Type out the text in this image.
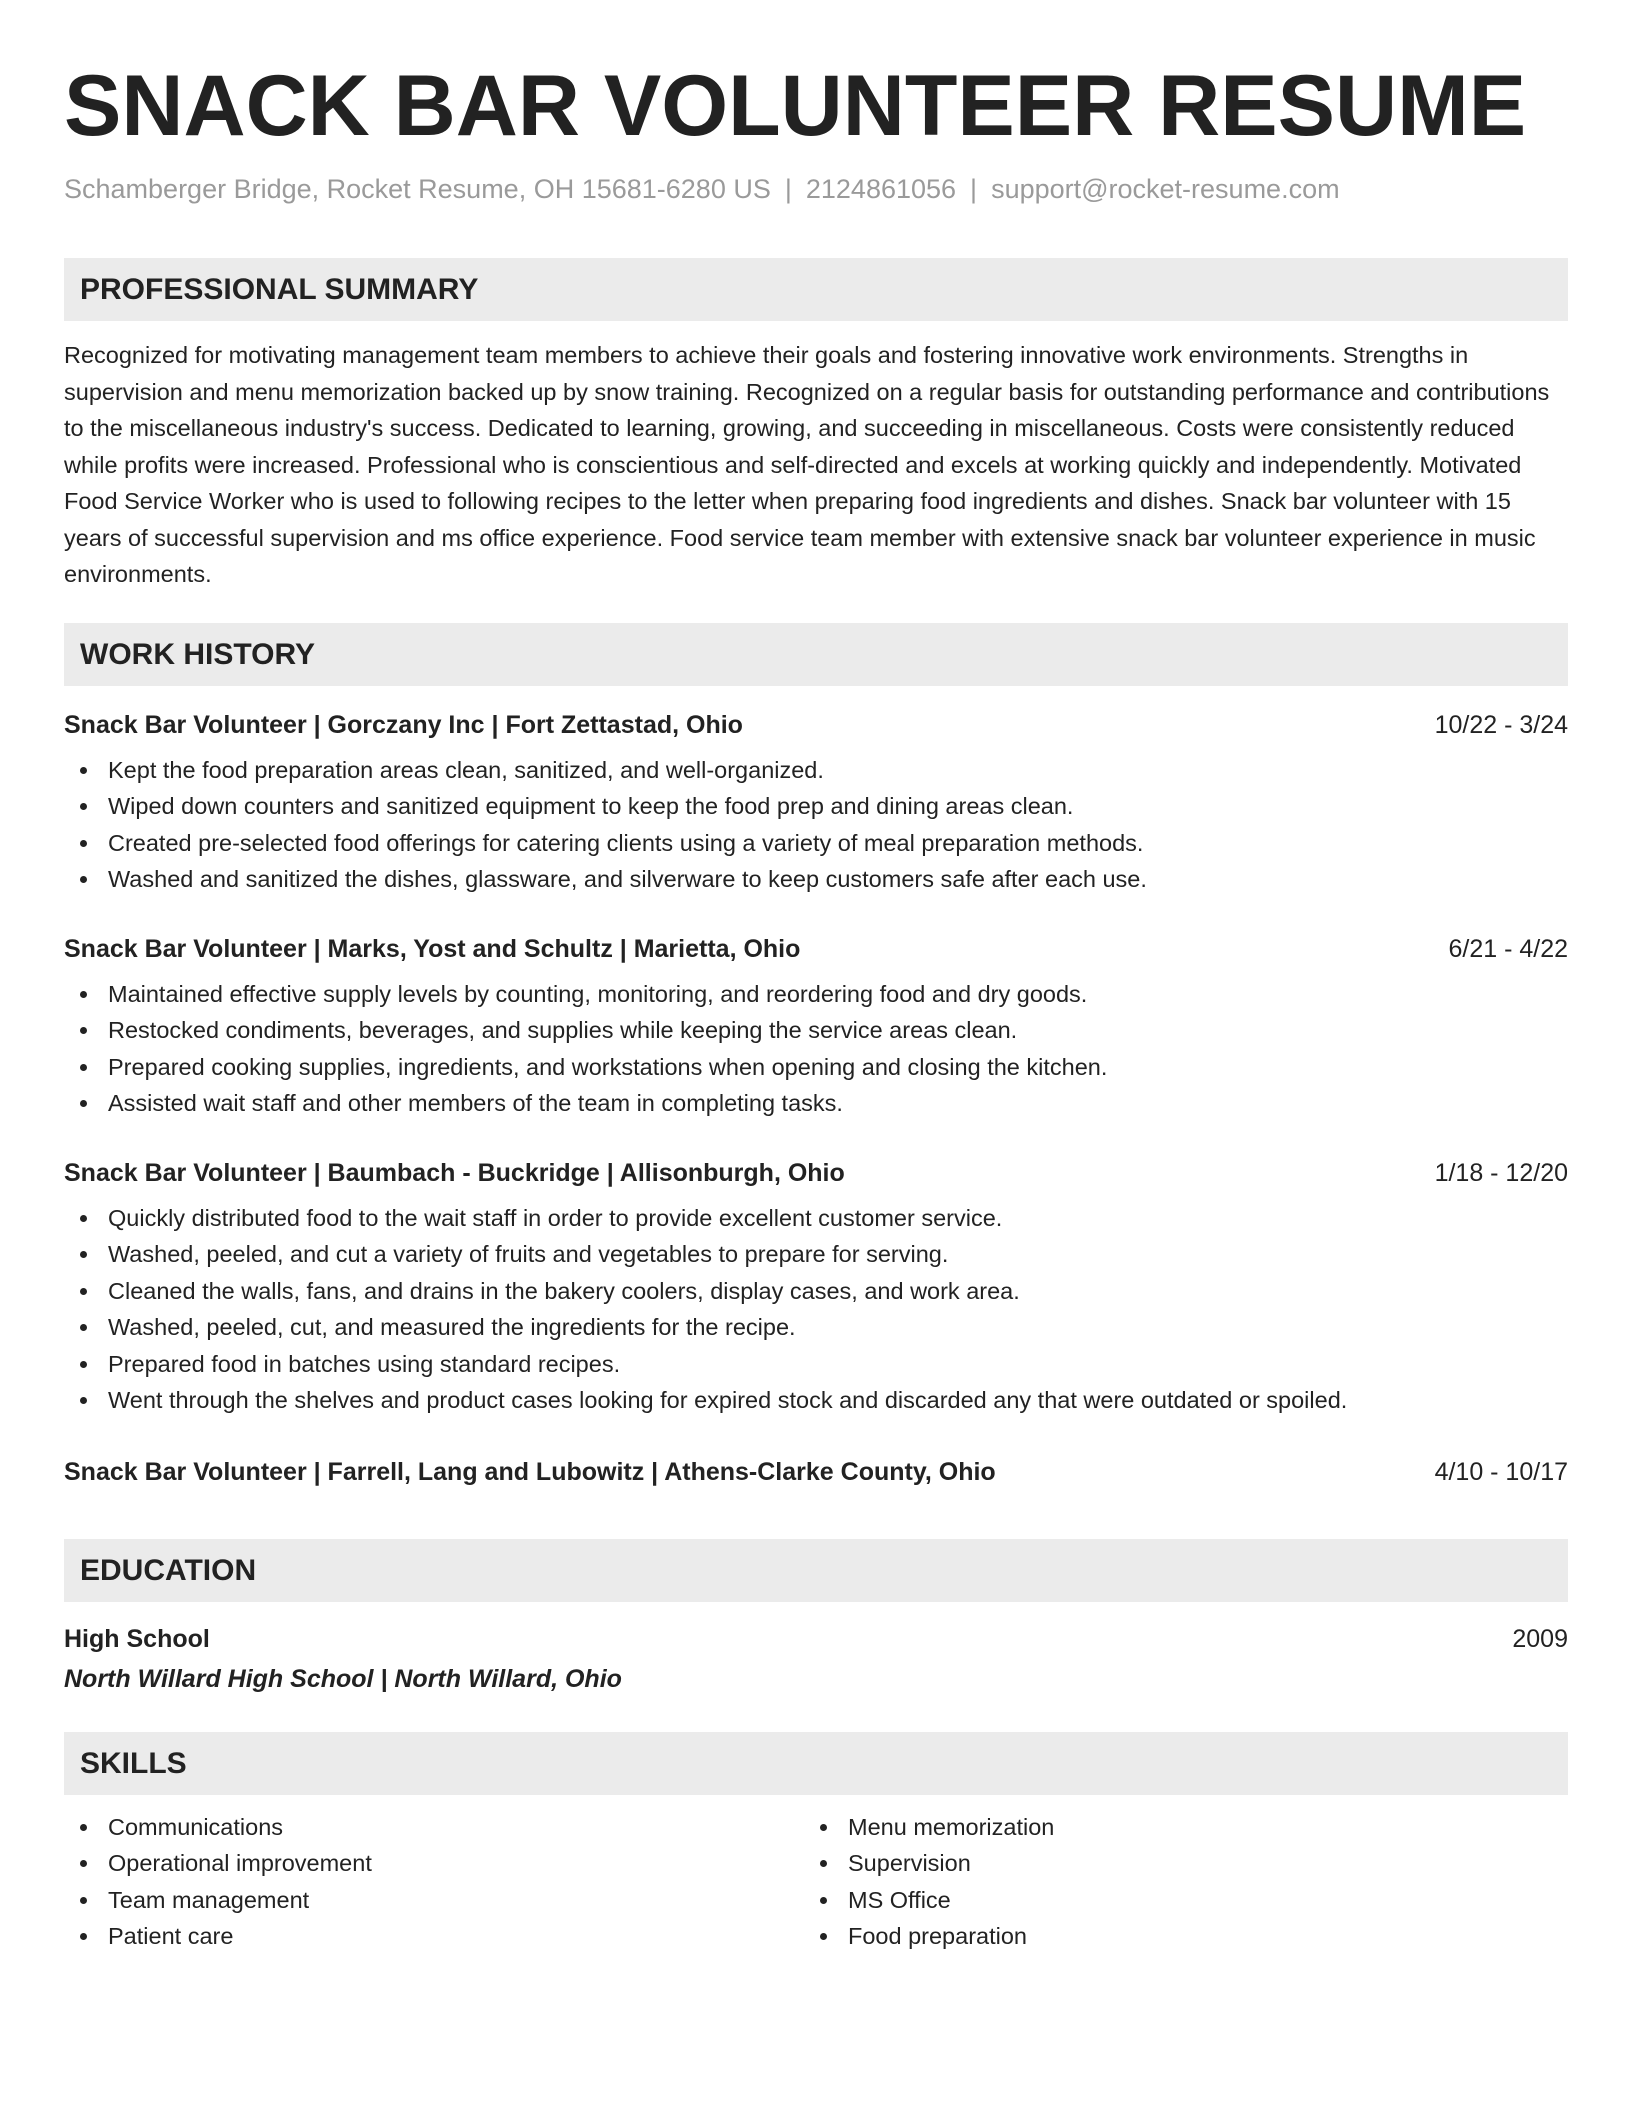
SNACK BAR VOLUNTEER RESUME
Schamberger Bridge, Rocket Resume, OH 15681-6280 US | 2124861056 | support@rocket-resume.com
PROFESSIONAL SUMMARY
Recognized for motivating management team members to achieve their goals and fostering innovative work environments. Strengths in supervision and menu memorization backed up by snow training. Recognized on a regular basis for outstanding performance and contributions to the miscellaneous industry's success. Dedicated to learning, growing, and succeeding in miscellaneous. Costs were consistently reduced while profits were increased. Professional who is conscientious and self-directed and excels at working quickly and independently. Motivated Food Service Worker who is used to following recipes to the letter when preparing food ingredients and dishes. Snack bar volunteer with 15 years of successful supervision and ms office experience. Food service team member with extensive snack bar volunteer experience in music environments.
WORK HISTORY
Snack Bar Volunteer | Gorczany Inc | Fort Zettastad, Ohio	10/22 - 3/24
Kept the food preparation areas clean, sanitized, and well-organized.
Wiped down counters and sanitized equipment to keep the food prep and dining areas clean.
Created pre-selected food offerings for catering clients using a variety of meal preparation methods.
Washed and sanitized the dishes, glassware, and silverware to keep customers safe after each use.
Snack Bar Volunteer | Marks, Yost and Schultz | Marietta, Ohio	6/21 - 4/22
Maintained effective supply levels by counting, monitoring, and reordering food and dry goods.
Restocked condiments, beverages, and supplies while keeping the service areas clean.
Prepared cooking supplies, ingredients, and workstations when opening and closing the kitchen.
Assisted wait staff and other members of the team in completing tasks.
Snack Bar Volunteer | Baumbach - Buckridge | Allisonburgh, Ohio	1/18 - 12/20
Quickly distributed food to the wait staff in order to provide excellent customer service.
Washed, peeled, and cut a variety of fruits and vegetables to prepare for serving.
Cleaned the walls, fans, and drains in the bakery coolers, display cases, and work area.
Washed, peeled, cut, and measured the ingredients for the recipe.
Prepared food in batches using standard recipes.
Went through the shelves and product cases looking for expired stock and discarded any that were outdated or spoiled.
Snack Bar Volunteer | Farrell, Lang and Lubowitz | Athens-Clarke County, Ohio	4/10 - 10/17
EDUCATION
High School	2009
North Willard High School | North Willard, Ohio
SKILLS
Communications
Operational improvement
Team management
Patient care
Menu memorization
Supervision
MS Office
Food preparation
